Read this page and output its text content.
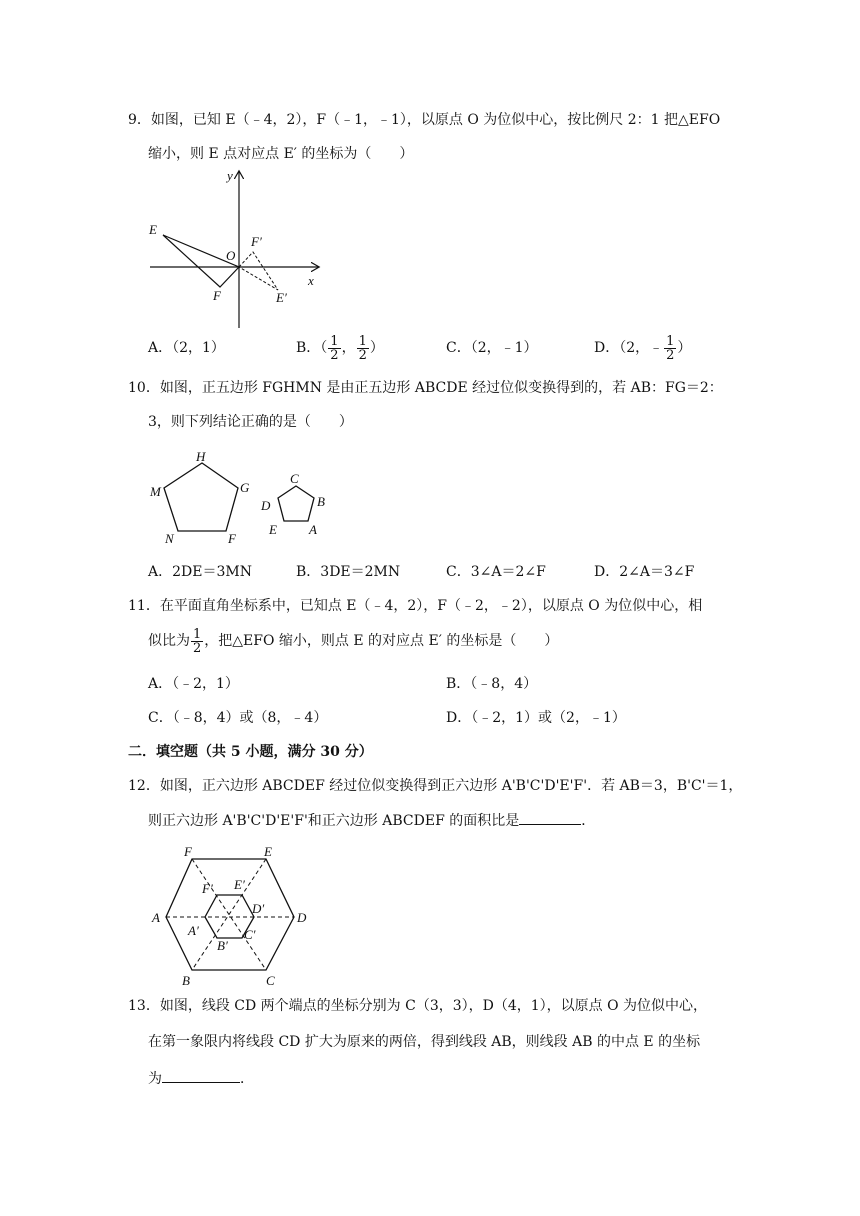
9．如图，已知 E（﹣4，2），F（﹣1，﹣1），以原点 O 为位似中心，按比例尺 2：1 把△EFO
缩小，则 E 点对应点 E′ 的坐标为（　　）
y
x
E
F
O
F′
E′
A．（2，1）	B．（ $\frac{1}{2}$ ， $\frac{1}{2}$ ）	C．（2，﹣1）	D．（2，﹣ $\frac{1}{2}$ ）
10．如图，正五边形 FGHMN 是由正五边形 ABCDE 经过位似变换得到的，若 AB：FG＝2：
3，则下列结论正确的是（　　）
H
G
M
N	F
C
B
D
E A
A．2DE＝3MN	B．3DE＝2MN	C．3∠A＝2∠F	D．2∠A＝3∠F
11．在平面直角坐标系中，已知点 E（﹣4，2），F（﹣2，﹣2），以原点 O 为位似中心，相
似比为 $\frac{1}{2}$ ，把△EFO 缩小，则点 E 的对应点 E′ 的坐标是（　　）
A．（﹣2，1）	B．（﹣8，4）
C．（﹣8，4）或（8，﹣4）	D．（﹣2，1）或（2，﹣1）
二．填空题（共 5 小题，满分 30 分）
12．如图，正六边形 ABCDEF 经过位似变换得到正六边形 A'B'C'D'E'F'．若 AB＝3，B'C'＝1，
则正六边形 A'B'C'D'E'F'和正六边形 ABCDEF 的面积比是	．
F	E
A	D
B	C
F′ E′
A′
D′
B′
C′
13．如图，线段 CD 两个端点的坐标分别为 C（3，3），D（4，1），以原点 O 为位似中心，
在第一象限内将线段 CD 扩大为原来的两倍，得到线段 AB，则线段 AB 的中点 E 的坐标
为	．
